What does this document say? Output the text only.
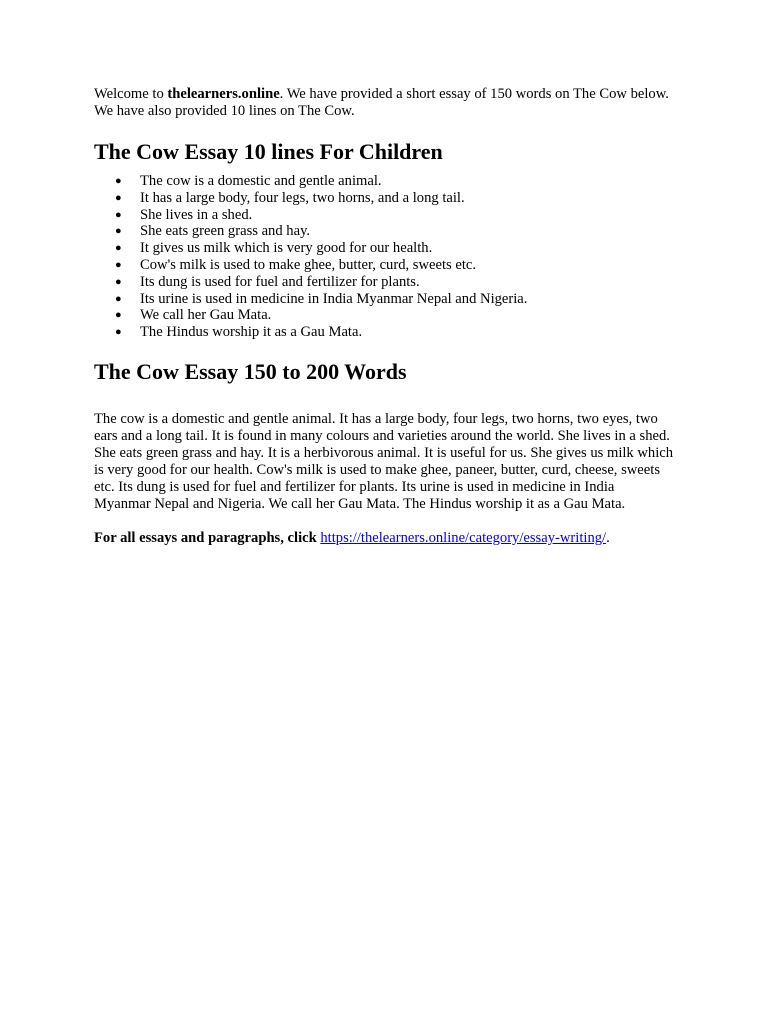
Welcome to thelearners.online. We have provided a short essay of 150 words on The Cow below. We have also provided 10 lines on The Cow.

The Cow Essay 10 lines For Children
● The cow is a domestic and gentle animal.
● It has a large body, four legs, two horns, and a long tail.
● She lives in a shed.
● She eats green grass and hay.
● It gives us milk which is very good for our health.
● Cow's milk is used to make ghee, butter, curd, sweets etc.
● Its dung is used for fuel and fertilizer for plants.
● Its urine is used in medicine in India Myanmar Nepal and Nigeria.
● We call her Gau Mata.
● The Hindus worship it as a Gau Mata.
The Cow Essay 150 to 200 Words

The cow is a domestic and gentle animal. It has a large body, four legs, two horns, two eyes, two ears and a long tail. It is found in many colours and varieties around the world. She lives in a shed. She eats green grass and hay. It is a herbivorous animal. It is useful for us. She gives us milk which is very good for our health. Cow's milk is used to make ghee, paneer, butter, curd, cheese, sweets etc. Its dung is used for fuel and fertilizer for plants. Its urine is used in medicine in India Myanmar Nepal and Nigeria. We call her Gau Mata. The Hindus worship it as a Gau Mata.

For all essays and paragraphs, click https://thelearners.online/category/essay-writing/.
